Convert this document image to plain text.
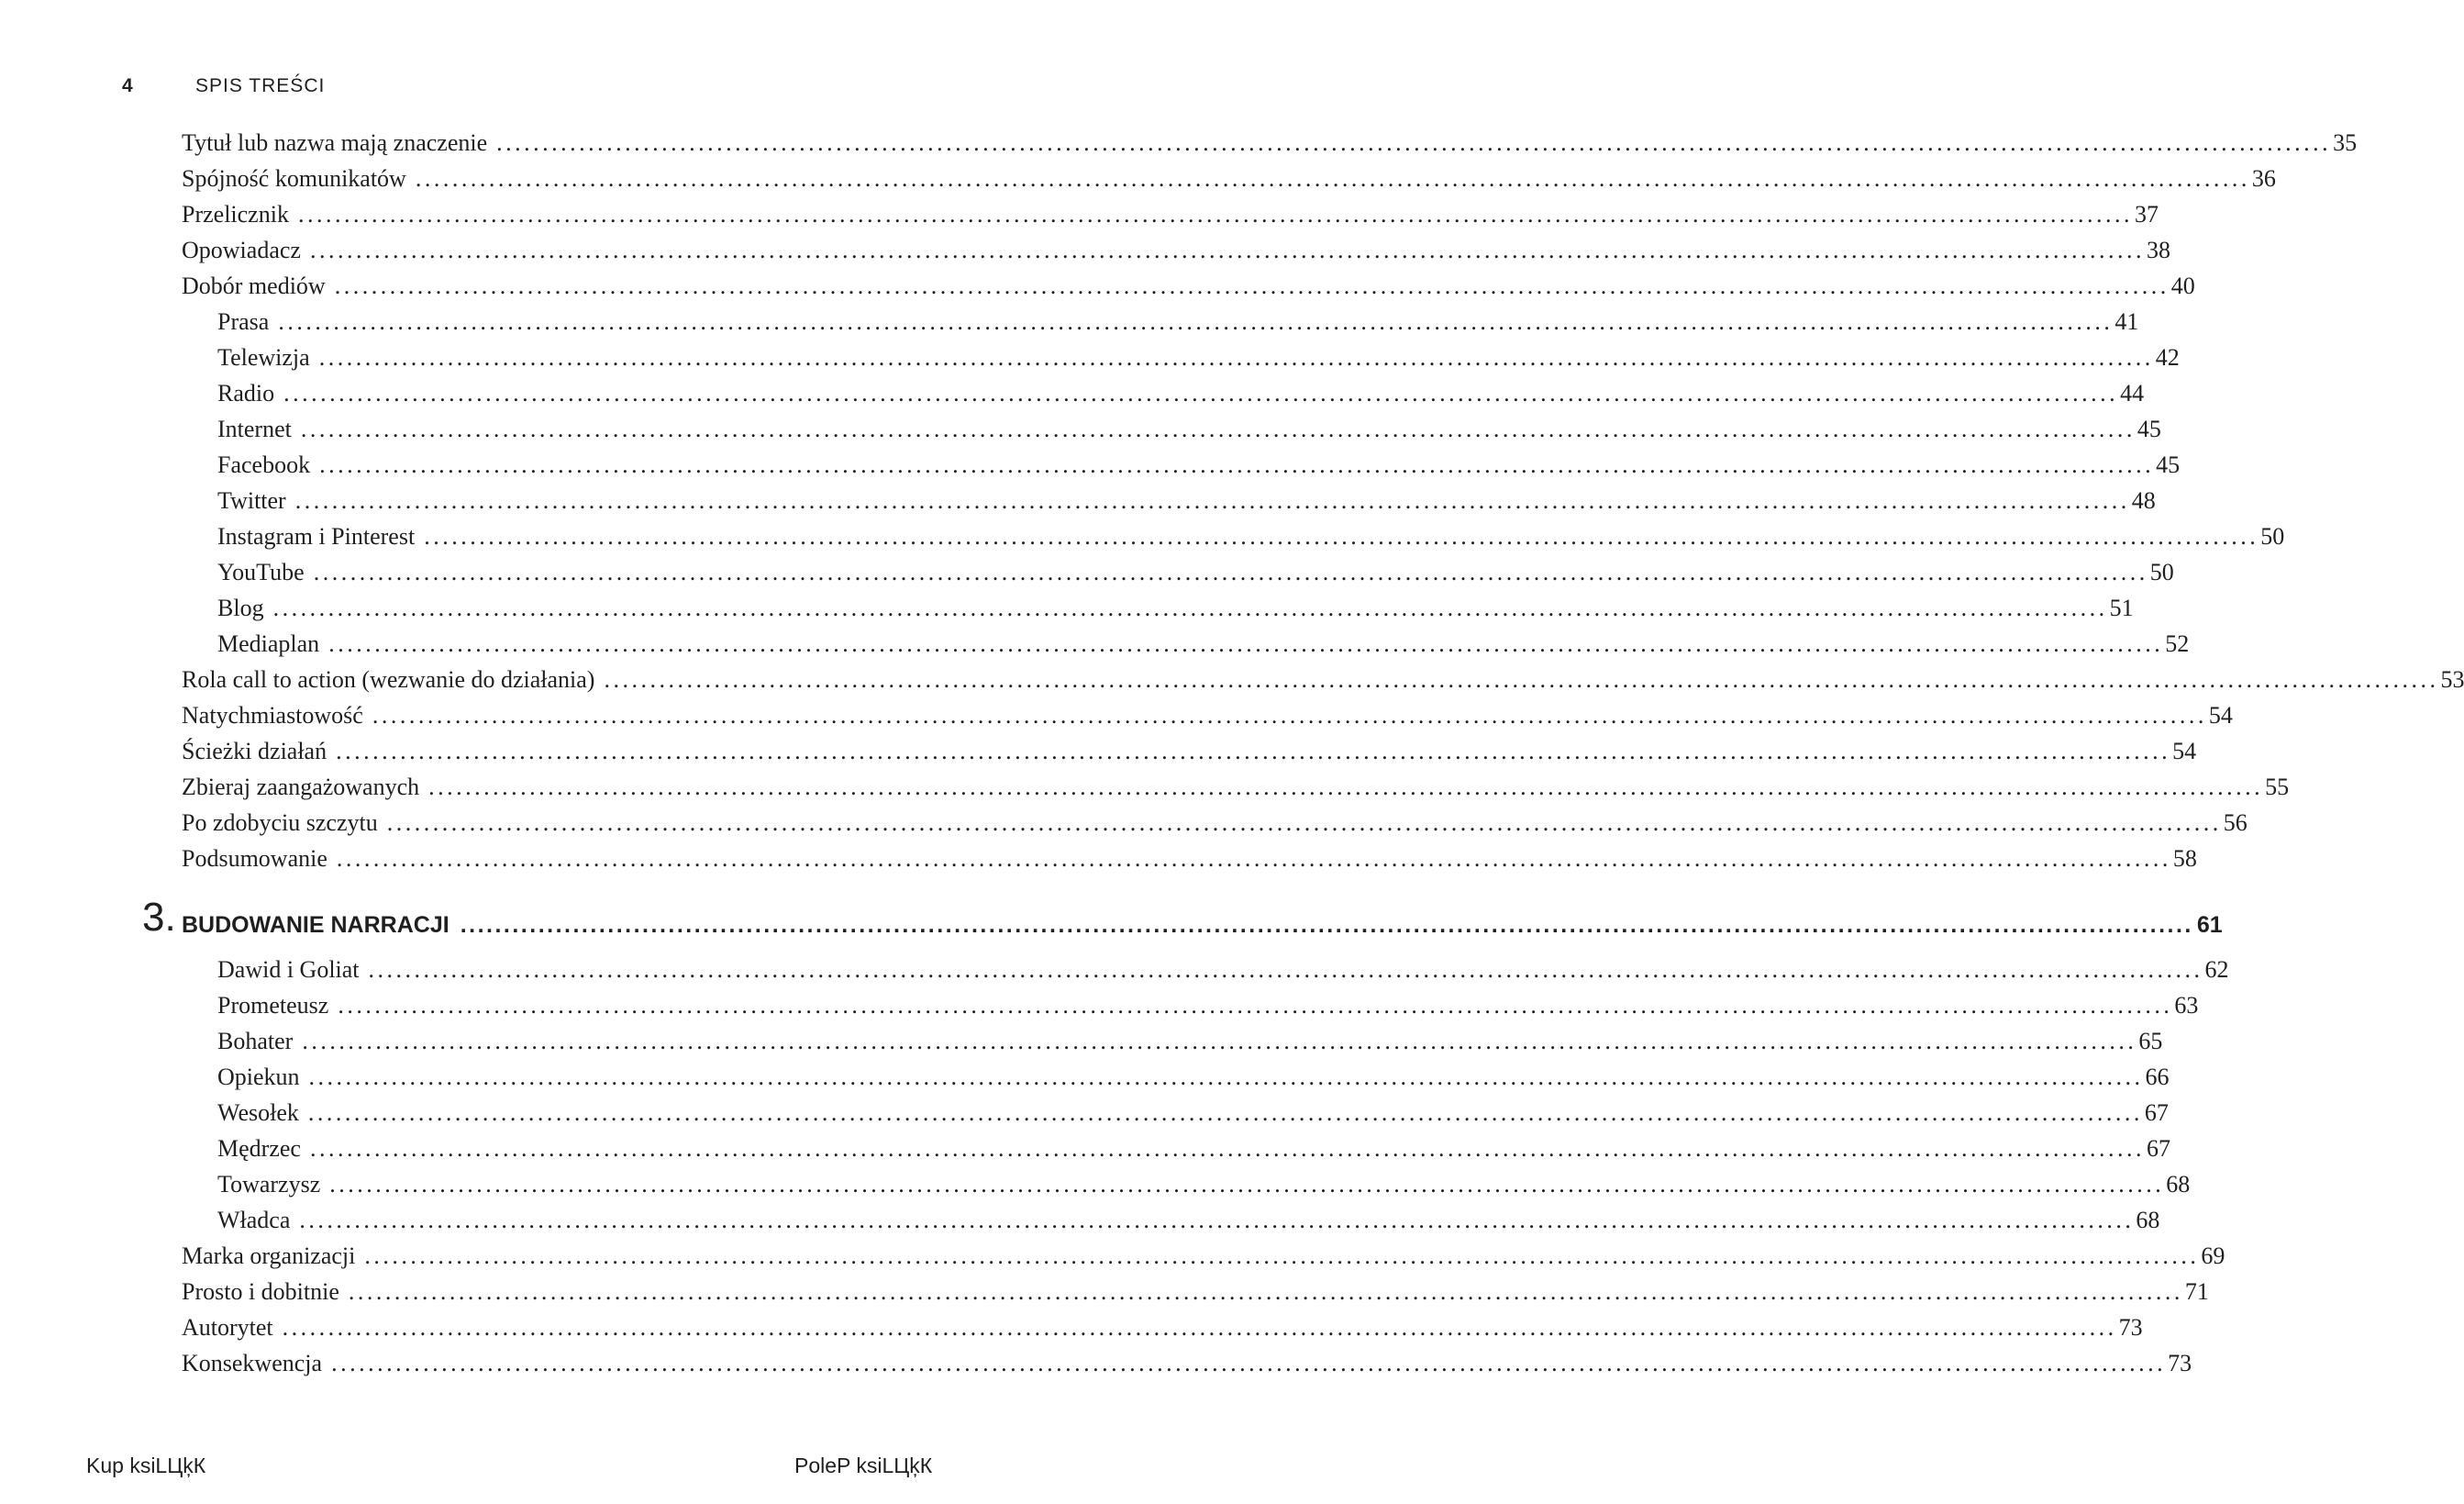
4	SPIS TREŚCI
Tytuł lub nazwa mają znaczenie ........................................................................................................................................................................................................ 35
Spójność komunikatów ........................................................................................................................................................................................................ 36
Przelicznik ........................................................................................................................................................................................................ 37
Opowiadacz ........................................................................................................................................................................................................ 38
Dobór mediów ........................................................................................................................................................................................................ 40
Prasa ........................................................................................................................................................................................................ 41
Telewizja ........................................................................................................................................................................................................ 42
Radio ........................................................................................................................................................................................................ 44
Internet ........................................................................................................................................................................................................ 45
Facebook ........................................................................................................................................................................................................ 45
Twitter ........................................................................................................................................................................................................ 48
Instagram i Pinterest ........................................................................................................................................................................................................ 50
YouTube ........................................................................................................................................................................................................ 50
Blog ........................................................................................................................................................................................................ 51
Mediaplan ........................................................................................................................................................................................................ 52
Rola call to action (wezwanie do działania) ........................................................................................................................................................................................................ 53
Natychmiastowość ........................................................................................................................................................................................................ 54
Ścieżki działań ........................................................................................................................................................................................................ 54
Zbieraj zaangażowanych ........................................................................................................................................................................................................ 55
Po zdobyciu szczytu ........................................................................................................................................................................................................ 56
Podsumowanie ........................................................................................................................................................................................................ 58
3. BUDOWANIE NARRACJI ........................................................................................................................................................................................................ 61
Dawid i Goliat ........................................................................................................................................................................................................ 62
Prometeusz ........................................................................................................................................................................................................ 63
Bohater ........................................................................................................................................................................................................ 65
Opiekun ........................................................................................................................................................................................................ 66
Wesołek ........................................................................................................................................................................................................ 67
Mędrzec ........................................................................................................................................................................................................ 67
Towarzysz ........................................................................................................................................................................................................ 68
Władca ........................................................................................................................................................................................................ 68
Marka organizacji ........................................................................................................................................................................................................ 69
Prosto i dobitnie ........................................................................................................................................................................................................ 71
Autorytet ........................................................................................................................................................................................................ 73
Konsekwencja ........................................................................................................................................................................................................ 73
Kup ksiLЦķК	PoleP ksiLЦķК
